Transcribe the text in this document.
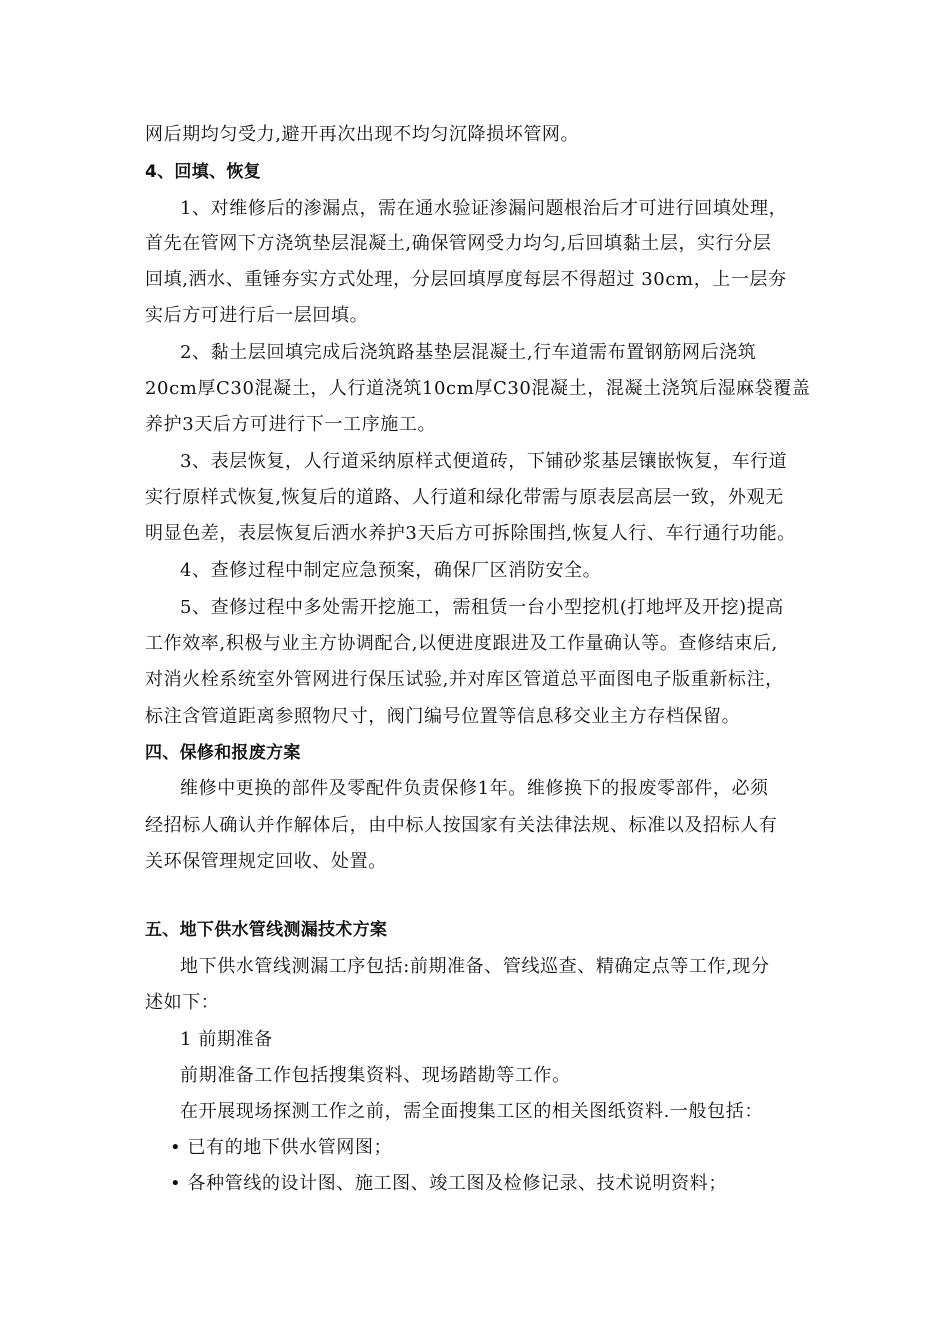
网后期均匀受力,避开再次出现不均匀沉降损坏管网。
4、回填、恢复
1、对维修后的渗漏点，需在通水验证渗漏问题根治后才可进行回填处理，
首先在管网下方浇筑垫层混凝土,确保管网受力均匀,后回填黏土层，实行分层
回填,洒水、重锤夯实方式处理，分层回填厚度每层不得超过 30cm，上一层夯
实后方可进行后一层回填。
2、黏土层回填完成后浇筑路基垫层混凝土,行车道需布置钢筋网后浇筑
20cm厚C30混凝土，人行道浇筑10cm厚C30混凝土，混凝土浇筑后湿麻袋覆盖
养护3天后方可进行下一工序施工。
3、表层恢复，人行道采纳原样式便道砖，下铺砂浆基层镶嵌恢复，车行道
实行原样式恢复,恢复后的道路、人行道和绿化带需与原表层高层一致，外观无
明显色差，表层恢复后洒水养护3天后方可拆除围挡,恢复人行、车行通行功能。
4、查修过程中制定应急预案，确保厂区消防安全。
5、查修过程中多处需开挖施工，需租赁一台小型挖机(打地坪及开挖)提高
工作效率,积极与业主方协调配合,以便进度跟进及工作量确认等。查修结束后,
对消火栓系统室外管网进行保压试验,并对库区管道总平面图电子版重新标注，
标注含管道距离参照物尺寸，阀门编号位置等信息移交业主方存档保留。
四、保修和报废方案
维修中更换的部件及零配件负责保修1年。维修换下的报废零部件，必须
经招标人确认并作解体后，由中标人按国家有关法律法规、标准以及招标人有
关环保管理规定回收、处置。
五、地下供水管线测漏技术方案
地下供水管线测漏工序包括:前期准备、管线巡查、精确定点等工作,现分
述如下：
1 前期准备
前期准备工作包括搜集资料、现场踏勘等工作。
在开展现场探测工作之前，需全面搜集工区的相关图纸资料.一般包括：
• 已有的地下供水管网图；
• 各种管线的设计图、施工图、竣工图及检修记录、技术说明资料；
